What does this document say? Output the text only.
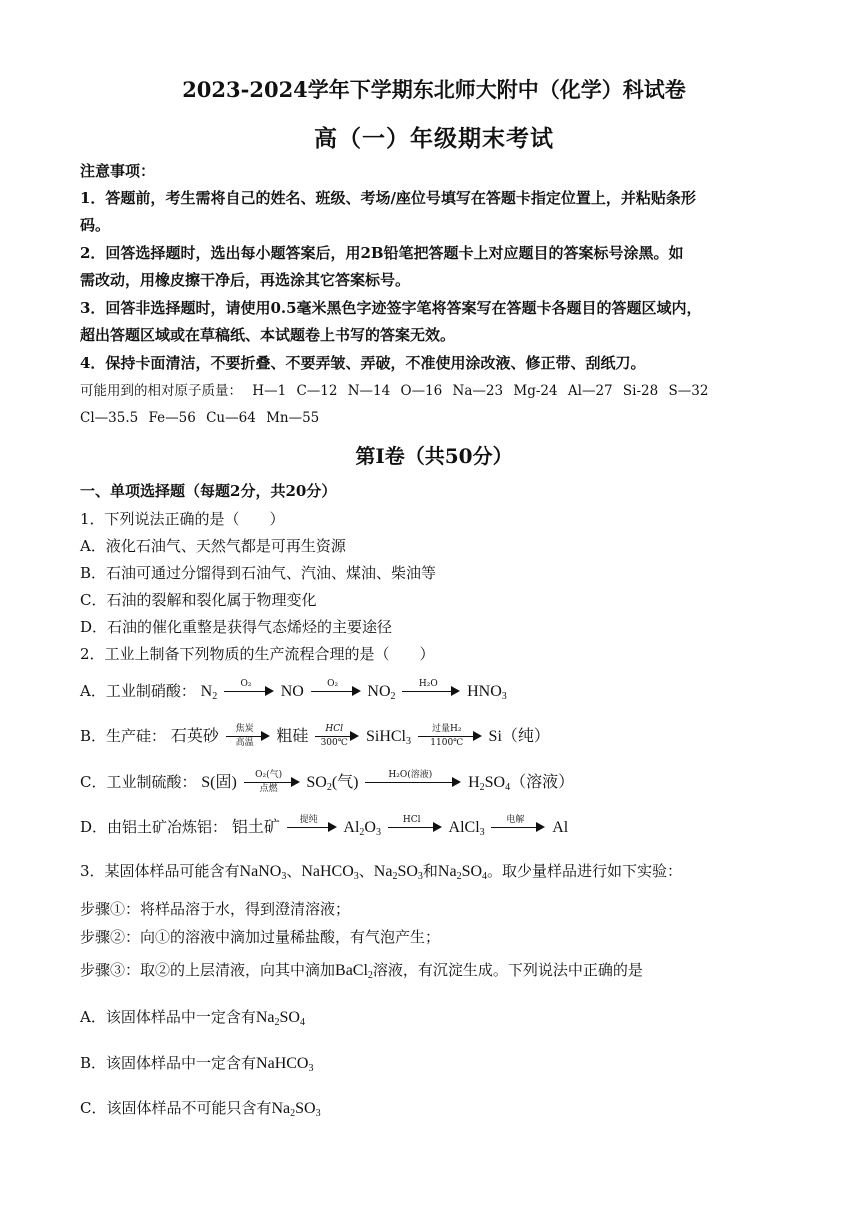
2023-2024学年下学期东北师大附中（化学）科试卷
高（一）年级期末考试
注意事项：
1．答题前，考生需将自己的姓名、班级、考场/座位号填写在答题卡指定位置上，并粘贴条形
码。
2．回答选择题时，选出每小题答案后，用2B铅笔把答题卡上对应题目的答案标号涂黑。如
需改动，用橡皮擦干净后，再选涂其它答案标号。
3．回答非选择题时，请使用0.5毫米黑色字迹签字笔将答案写在答题卡各题目的答题区域内，
超出答题区域或在草稿纸、本试题卷上书写的答案无效。
4．保持卡面清洁，不要折叠、不要弄皱、弄破，不准使用涂改液、修正带、刮纸刀。
可能用到的相对原子质量： H—1 C—12 N—14 O—16 Na—23 Mg-24 Al—27 Si-28 S—32
Cl—35.5 Fe—56 Cu—64 Mn—55
第Ⅰ卷（共50分）
一、单项选择题（每题2分，共20分）
1．下列说法正确的是（　　）
A．液化石油气、天然气都是可再生资源
B．石油可通过分馏得到石油气、汽油、煤油、柴油等
C．石油的裂解和裂化属于物理变化
D．石油的催化重整是获得气态烯烃的主要途径
2．工业上制备下列物质的生产流程合理的是（　　）
A．工业制硝酸： $N_2$
O₂	NO	O₂	$NO_2$
H₂O	$HNO_3$
B．生产硅： 石英砂	焦炭
高温	粗硅	HCl
300℃	SiHCl$_3$
过量H₂
1100℃	Si（纯）
C．工业制硫酸： S(固)	O₂(气)
点燃	$SO_2$(气)	H₂O(溶液)	$H_2SO_4$（溶液）
D．由铝土矿冶炼铝： 铝土矿	提纯	$Al_2O_3$
HCl	AlCl$_3$
电解	Al
3．某固体样品可能含有NaNO$_3$、NaHCO$_3$、$Na_2SO_3$和$Na_2SO_4$。取少量样品进行如下实验：
步骤①：将样品溶于水，得到澄清溶液；
步骤②：向①的溶液中滴加过量稀盐酸，有气泡产生；
步骤③：取②的上层清液，向其中滴加BaCl$_2$溶液，有沉淀生成。下列说法中正确的是
A．该固体样品中一定含有$Na_2SO_4$
B．该固体样品中一定含有NaHCO$_3$
C．该固体样品不可能只含有$Na_2SO_3$
